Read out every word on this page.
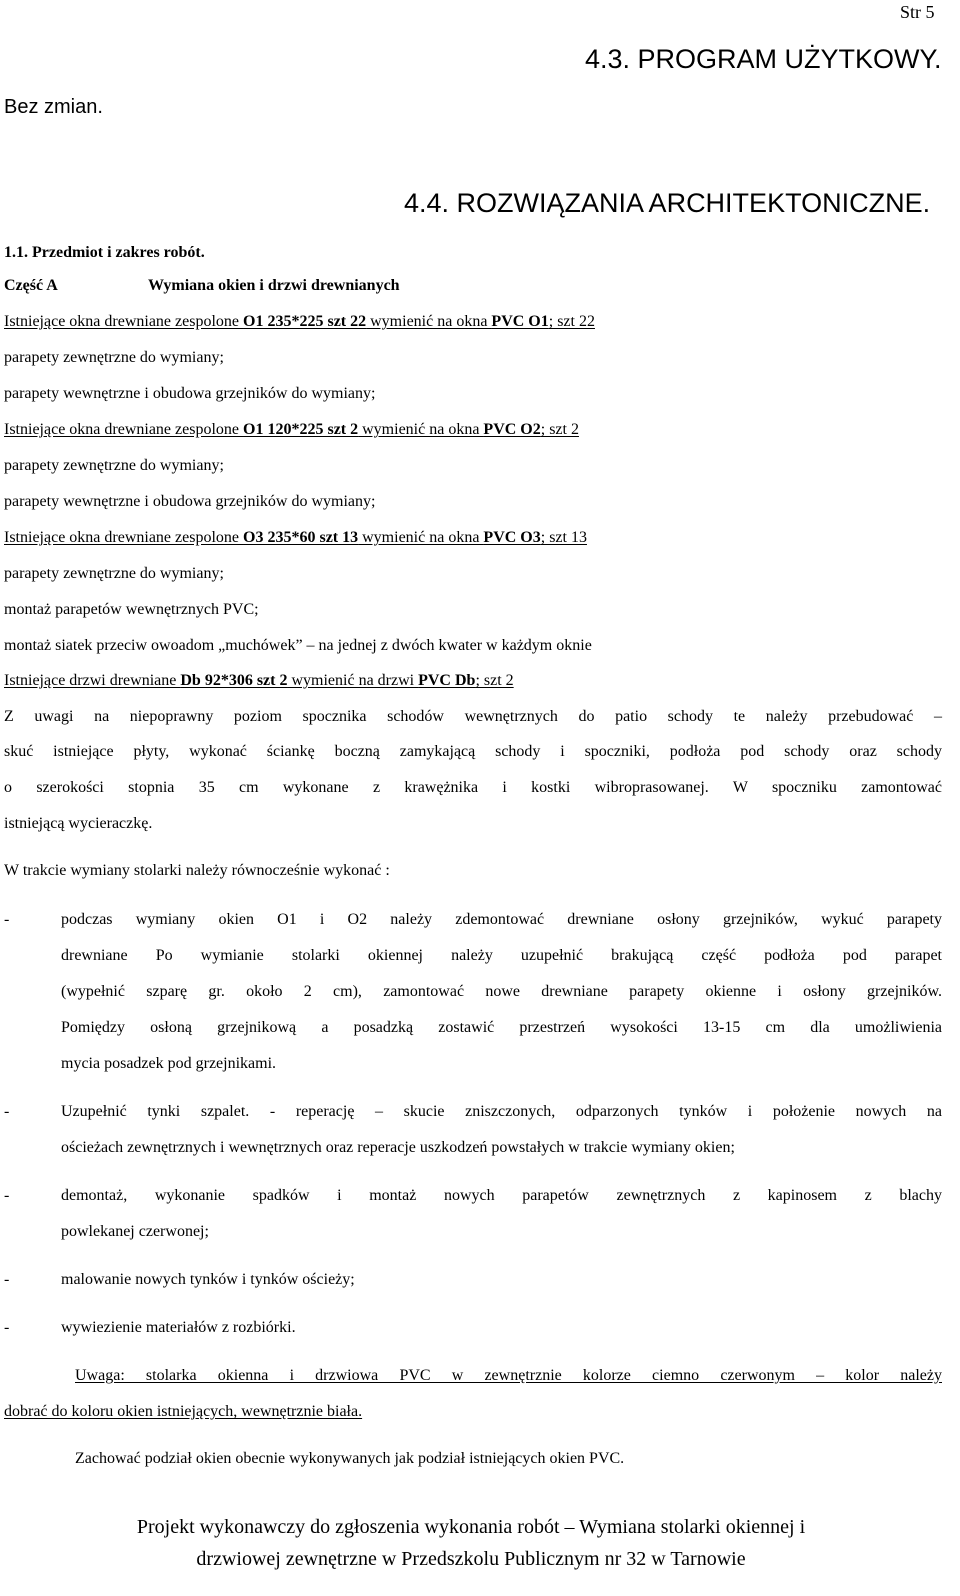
Str 5
4.3. PROGRAM UŻYTKOWY.
Bez zmian.
4.4. ROZWIĄZANIA ARCHITEKTONICZNE.
1.1. Przedmiot i zakres robót.
Część A	Wymiana okien i drzwi drewnianych
Istniejące okna drewniane zespolone O1 235*225 szt 22 wymienić na okna PVC O1; szt 22
parapety zewnętrzne do wymiany;
parapety wewnętrzne i obudowa grzejników do wymiany;
Istniejące okna drewniane zespolone O1 120*225 szt 2 wymienić na okna PVC O2; szt 2
parapety zewnętrzne do wymiany;
parapety wewnętrzne i obudowa grzejników do wymiany;
Istniejące okna drewniane zespolone O3 235*60 szt 13 wymienić na okna PVC O3; szt 13
parapety zewnętrzne do wymiany;
montaż parapetów wewnętrznych PVC;
montaż siatek przeciw owoadom „muchówek” – na jednej z dwóch kwater w każdym oknie
Istniejące drzwi drewniane Db 92*306 szt 2 wymienić na drzwi PVC Db; szt 2
Z uwagi na niepoprawny poziom spocznika schodów wewnętrznych do patio schody te należy przebudować –
skuć istniejące płyty, wykonać ściankę boczną zamykającą schody i spoczniki, podłoża pod schody oraz schody
o szerokości stopnia 35 cm wykonane z krawężnika i kostki wibroprasowanej. W spoczniku zamontować
istniejącą wycieraczkę.
W trakcie wymiany stolarki należy równocześnie wykonać :
-	podczas wymiany okien O1 i O2 należy zdemontować drewniane osłony grzejników, wykuć parapety
drewniane Po wymianie stolarki okiennej należy uzupełnić brakującą część podłoża pod parapet
(wypełnić szparę gr. około 2 cm), zamontować nowe drewniane parapety okienne i osłony grzejników.
Pomiędzy osłoną grzejnikową a posadzką zostawić przestrzeń wysokości 13-15 cm dla umożliwienia
mycia posadzek pod grzejnikami.
-	Uzupełnić tynki szpalet. - reperację – skucie zniszczonych, odparzonych tynków i położenie nowych na
ościeżach zewnętrznych i wewnętrznych oraz reperacje uszkodzeń powstałych w trakcie wymiany okien;
-	demontaż, wykonanie spadków i montaż nowych parapetów zewnętrznych z kapinosem z blachy
powlekanej czerwonej;
-	malowanie nowych tynków i tynków ościeży;
-	wywiezienie materiałów z rozbiórki.
Uwaga: stolarka okienna i drzwiowa PVC w zewnętrznie kolorze ciemno czerwonym – kolor należy
dobrać do koloru okien istniejących, wewnętrznie biała.
Zachować podział okien obecnie wykonywanych jak podział istniejących okien PVC.
Projekt wykonawczy do zgłoszenia wykonania robót – Wymiana stolarki okiennej i
drzwiowej zewnętrzne w Przedszkolu Publicznym nr 32 w Tarnowie
